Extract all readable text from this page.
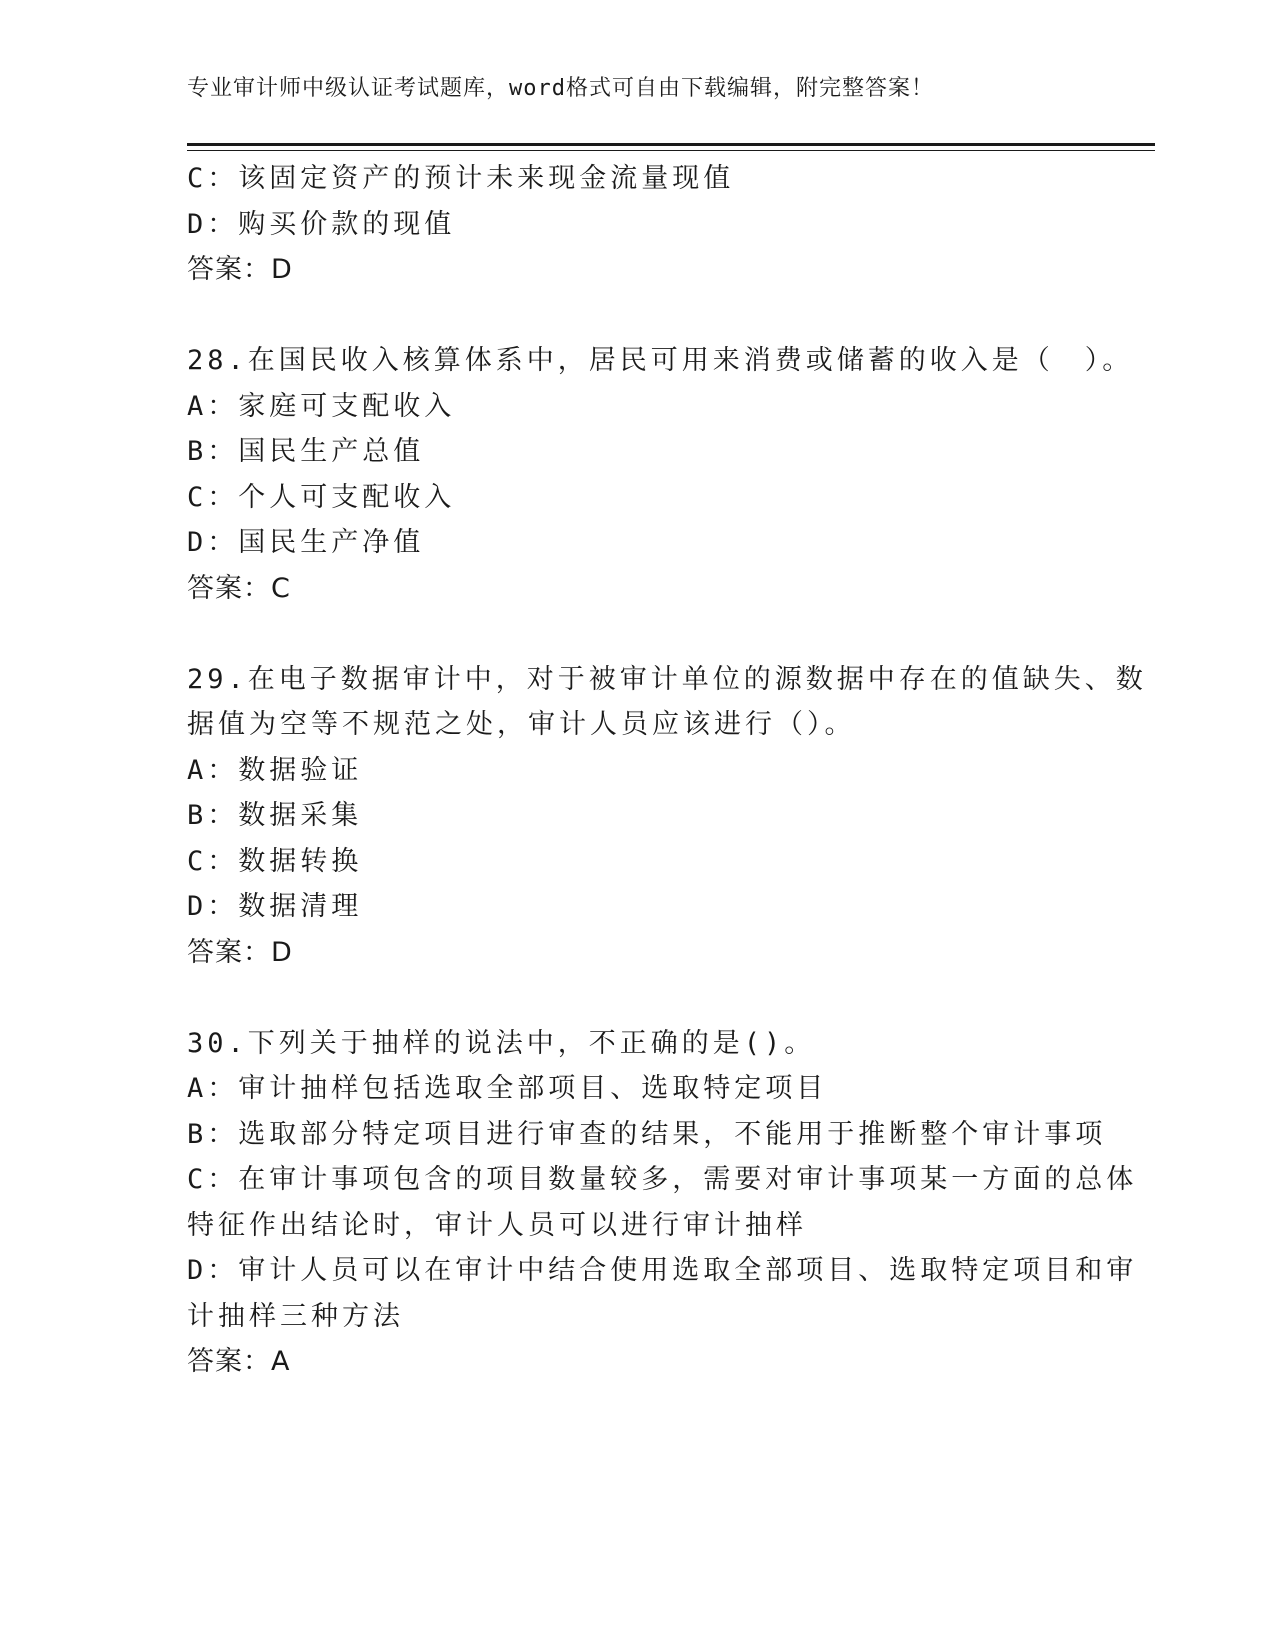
专业审计师中级认证考试题库，word格式可自由下载编辑，附完整答案！
C：该固定资产的预计未来现金流量现值
D：购买价款的现值
答案：D
28.在国民收入核算体系中，居民可用来消费或储蓄的收入是（　）。
A：家庭可支配收入
B：国民生产总值
C：个人可支配收入
D：国民生产净值
答案：C
29.在电子数据审计中，对于被审计单位的源数据中存在的值缺失、数
据值为空等不规范之处，审计人员应该进行（）。
A：数据验证
B：数据采集
C：数据转换
D：数据清理
答案：D
30.下列关于抽样的说法中，不正确的是()。
A：审计抽样包括选取全部项目、选取特定项目
B：选取部分特定项目进行审查的结果，不能用于推断整个审计事项
C：在审计事项包含的项目数量较多，需要对审计事项某一方面的总体
特征作出结论时，审计人员可以进行审计抽样
D：审计人员可以在审计中结合使用选取全部项目、选取特定项目和审
计抽样三种方法
答案：A
